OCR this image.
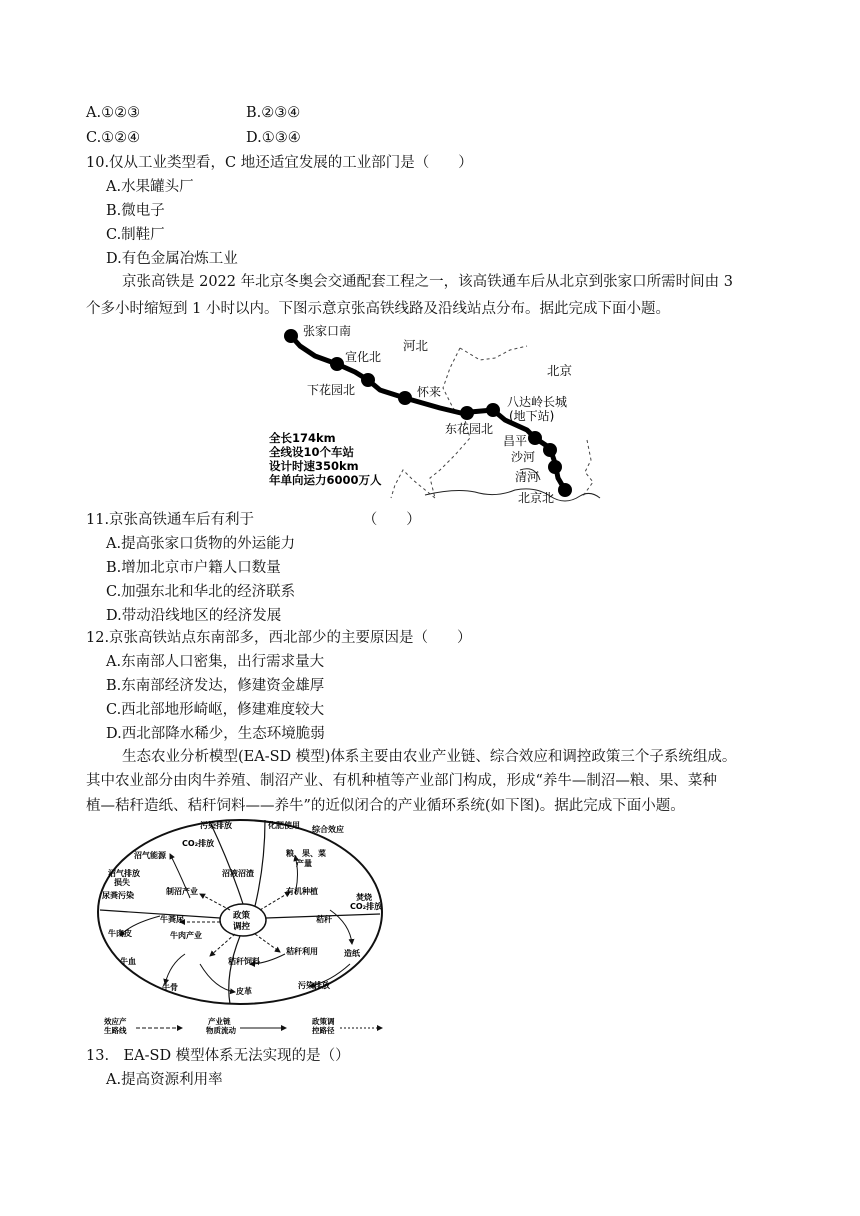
A.①②③	B.②③④
C.①②④	D.①③④
10.仅从工业类型看，C 地还适宜发展的工业部门是（　　）
A.水果罐头厂
B.微电子
C.制鞋厂
D.有色金属冶炼工业
京张高铁是 2022 年北京冬奥会交通配套工程之一，该高铁通车后从北京到张家口所需时间由 3
个多小时缩短到 1 小时以内。下图示意京张高铁线路及沿线站点分布。据此完成下面小题。
张家口南
宣化北
下花园北	怀来
东花园北
八达岭长城
(地下站)
昌平
沙河
清河
北京北
河北
北京
全长174km
全线设10个车站
设计时速350km
年单向运力6000万人
11.京张高铁通车后有利于　　　　　　　　（　　）
A.提高张家口货物的外运能力
B.增加北京市户籍人口数量
C.加强东北和华北的经济联系
D.带动沿线地区的经济发展
12.京张高铁站点东南部多，西北部少的主要原因是（　　）
A.东南部人口密集，出行需求量大
B.东南部经济发达，修建资金雄厚
C.西北部地形崎岖，修建难度较大
D.西北部降水稀少，生态环境脆弱
生态农业分析模型(EA-SD 模型)体系主要由农业产业链、综合效应和调控政策三个子系统组成。
其中农业部分由肉牛养殖、制沼产业、有机种植等产业部门构成，形成“养牛—制沼—粮、果、菜种
植—秸秆造纸、秸秆饲料——养牛”的近似闭合的产业循环系统(如下图)。据此完成下面小题。
政策
调控
污染排放	化肥使用 综合效应
CO₂排放
沼气能源	粮、果、菜
产量
沼气排放
损失
沼液沼渣
尿粪污染	制沼产业	有机种植
焚烧
CO₂排放
秸秆
牛粪尿
牛肉皮	牛肉产业
秸秆利用	造纸
牛血
牛骨
秸秆饲料
皮革
污染排放
效应产
生路线
产业链
物质流动
政策调
控路径
13.　EA-SD 模型体系无法实现的是（）
A.提高资源利用率
